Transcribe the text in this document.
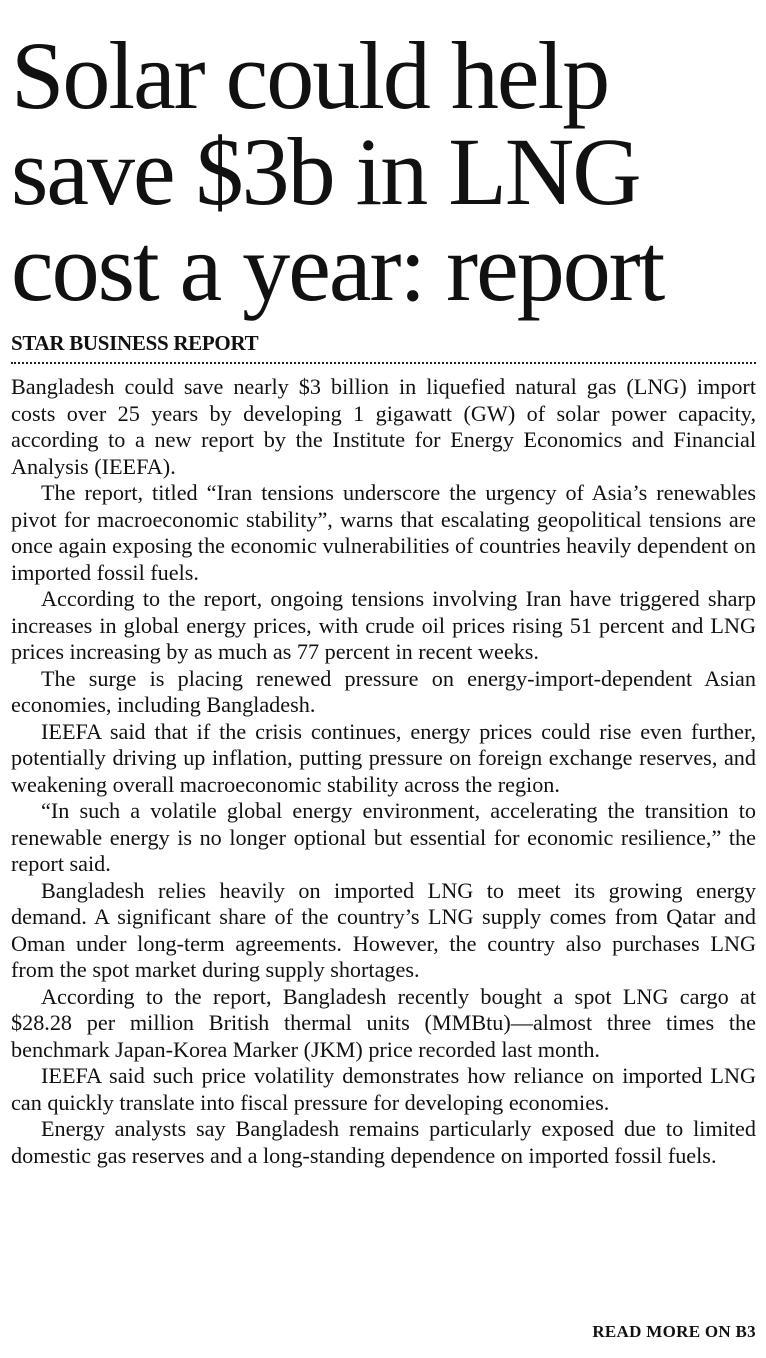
Solar could help save $3b in LNG cost a year: report
STAR BUSINESS REPORT

Bangladesh could save nearly $3 billion in liquefied natural gas (LNG) import costs over 25 years by developing 1 gigawatt (GW) of solar power capacity, according to a new report by the Institute for Energy Economics and Financial Analysis (IEEFA).

The report, titled “Iran tensions underscore the urgency of Asia’s renewables pivot for macroeconomic stability”, warns that escalating geopolitical tensions are once again exposing the economic vulnerabilities of countries heavily dependent on imported fossil fuels.

According to the report, ongoing tensions involving Iran have triggered sharp increases in global energy prices, with crude oil prices rising 51 percent and LNG prices increasing by as much as 77 percent in recent weeks.

The surge is placing renewed pressure on energy-import-dependent Asian economies, including Bangladesh.

IEEFA said that if the crisis continues, energy prices could rise even further, potentially driving up inflation, putting pressure on foreign exchange reserves, and weakening overall macroeconomic stability across the region.

“In such a volatile global energy environment, accelerating the transition to renewable energy is no longer optional but essential for economic resilience,” the report said.

Bangladesh relies heavily on imported LNG to meet its growing energy demand. A significant share of the country’s LNG supply comes from Qatar and Oman under long-term agreements. However, the country also purchases LNG from the spot market during supply shortages.

According to the report, Bangladesh recently bought a spot LNG cargo at $28.28 per million British thermal units (MMBtu)—almost three times the benchmark Japan-Korea Marker (JKM) price recorded last month.

IEEFA said such price volatility demonstrates how reliance on imported LNG can quickly translate into fiscal pressure for developing economies.

Energy analysts say Bangladesh remains particularly exposed due to limited domestic gas reserves and a long-standing dependence on imported fossil fuels.

READ MORE ON B3
